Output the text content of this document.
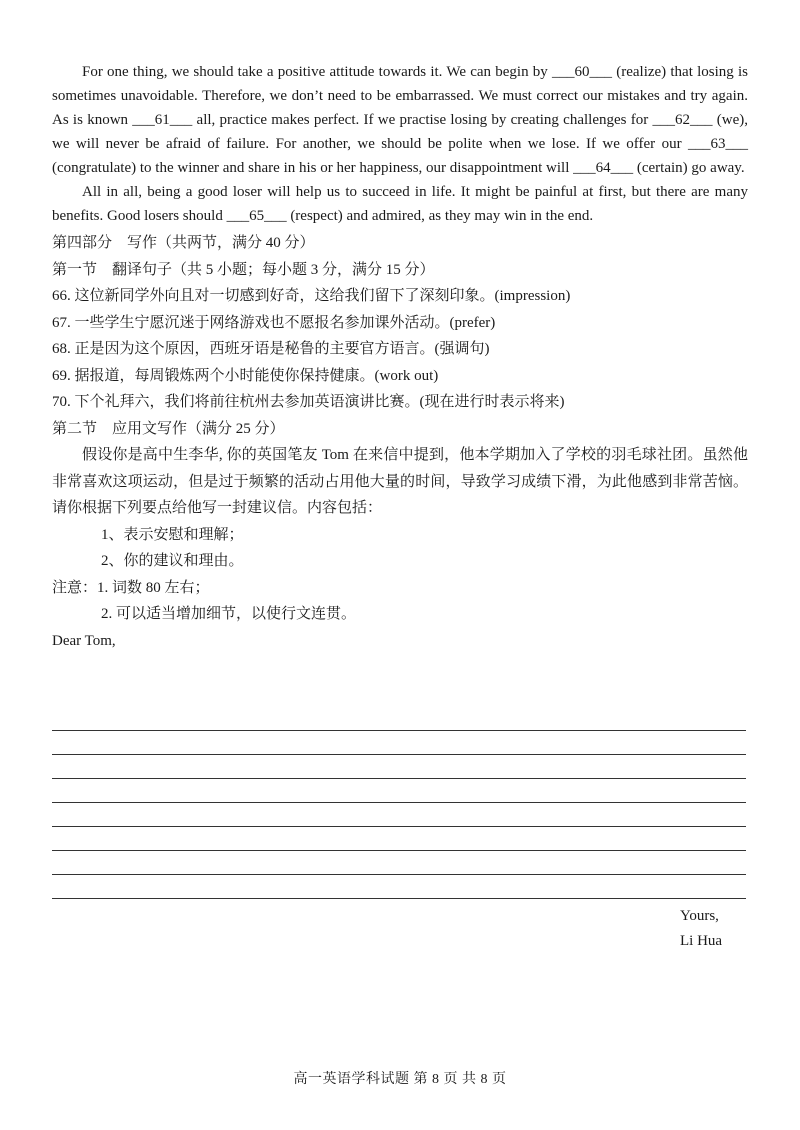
For one thing, we should take a positive attitude towards it. We can begin by ___60___ (realize) that losing is sometimes unavoidable. Therefore, we don’t need to be embarrassed. We must correct our mistakes and try again. As is known ___61___ all, practice makes perfect. If we practise losing by creating challenges for ___62___ (we), we will never be afraid of failure. For another, we should be polite when we lose. If we offer our ___63___ (congratulate) to the winner and share in his or her happiness, our disappointment will ___64___ (certain) go away.

All in all, being a good loser will help us to succeed in life. It might be painful at first, but there are many benefits. Good losers should ___65___ (respect) and admired, as they may win in the end.

第四部分　写作（共两节，满分 40 分）

第一节　翻译句子（共 5 小题；每小题 3 分，满分 15 分）

66. 这位新同学外向且对一切感到好奇，这给我们留下了深刻印象。(impression)

67. 一些学生宁愿沉迷于网络游戏也不愿报名参加课外活动。(prefer)

68. 正是因为这个原因，西班牙语是秘鲁的主要官方语言。(强调句)

69. 据报道，每周锻炼两个小时能使你保持健康。(work out)

70. 下个礼拜六，我们将前往杭州去参加英语演讲比赛。(现在进行时表示将来)

第二节　应用文写作（满分 25 分）

假设你是高中生李华, 你的英国笔友 Tom 在来信中提到，他本学期加入了学校的羽毛球社团。虽然他非常喜欢这项运动，但是过于频繁的活动占用他大量的时间，导致学习成绩下滑，为此他感到非常苦恼。请你根据下列要点给他写一封建议信。内容包括：

1、表示安慰和理解；

2、你的建议和理由。

注意：1. 词数 80 左右；

2. 可以适当增加细节，以使行文连贯。

Dear Tom,

Yours,
Li Hua
高一英语学科试题 第 8 页 共 8 页
